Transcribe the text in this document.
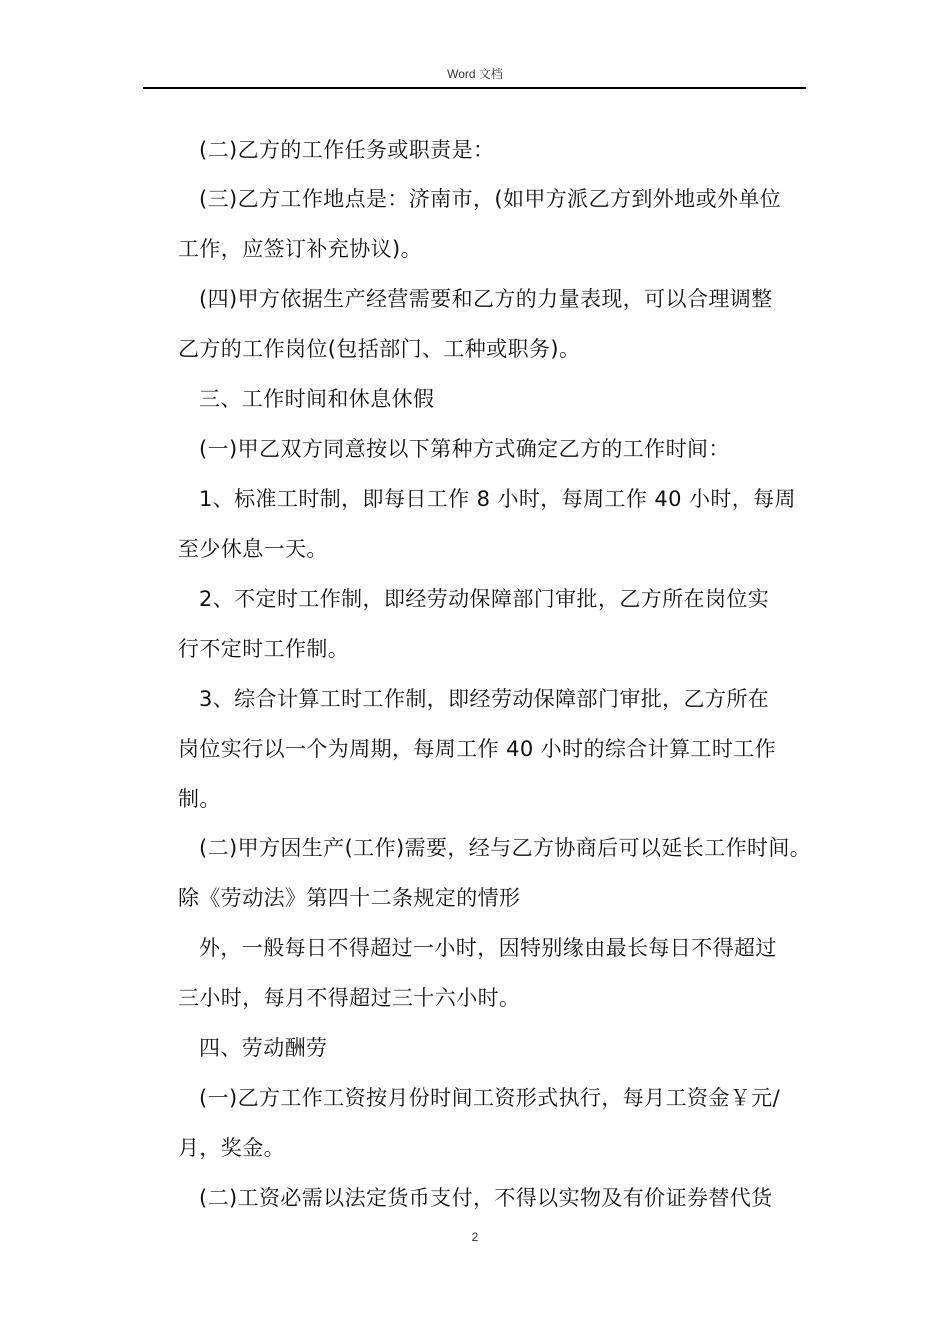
Word 文档
(二)乙方的工作任务或职责是：
(三)乙方工作地点是：济南市，(如甲方派乙方到外地或外单位
工作，应签订补充协议)。
(四)甲方依据生产经营需要和乙方的力量表现，可以合理调整
乙方的工作岗位(包括部门、工种或职务)。
三、工作时间和休息休假
(一)甲乙双方同意按以下第种方式确定乙方的工作时间：
1、标准工时制，即每日工作 8 小时，每周工作 40 小时，每周
至少休息一天。
2、不定时工作制，即经劳动保障部门审批，乙方所在岗位实
行不定时工作制。
3、综合计算工时工作制，即经劳动保障部门审批，乙方所在
岗位实行以一个为周期，每周工作 40 小时的综合计算工时工作
制。
(二)甲方因生产(工作)需要，经与乙方协商后可以延长工作时间。
除《劳动法》第四十二条规定的情形
外，一般每日不得超过一小时，因特别缘由最长每日不得超过
三小时，每月不得超过三十六小时。
四、劳动酬劳
(一)乙方工作工资按月份时间工资形式执行，每月工资金￥元/
月，奖金。
(二)工资必需以法定货币支付，不得以实物及有价证券替代货
2
